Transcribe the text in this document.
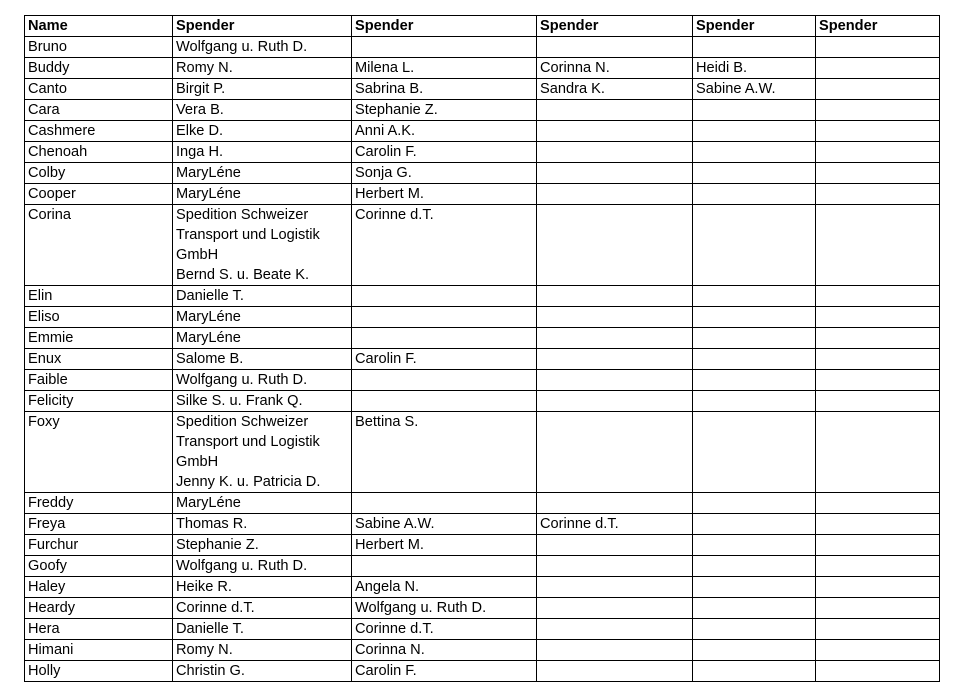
Name	Spender	Spender	Spender	Spender	Spender

Bruno	Wolfgang u. Ruth D.				

Buddy	Romy N.	Milena L.	Corinna N.	Heidi B.	

Canto	Birgit P.	Sabrina B.	Sandra K.	Sabine A.W.	

Cara	Vera B.	Stephanie Z.			

Cashmere	Elke D.	Anni A.K.			

Chenoah	Inga H.	Carolin F.			

Colby	MaryLéne	Sonja G.			

Cooper	MaryLéne	Herbert M.			

Corina	Spedition Schweizer
Transport und Logistik
GmbH
Bernd S. u. Beate K.	Corinne d.T.			

Elin	Danielle T.				

Eliso	MaryLéne				

Emmie	MaryLéne				

Enux	Salome B.	Carolin F.			

Faible	Wolfgang u. Ruth D.				

Felicity	Silke S. u. Frank Q.				

Foxy	Spedition Schweizer
Transport und Logistik
GmbH
Jenny K. u. Patricia D.	Bettina S.			

Freddy	MaryLéne				

Freya	Thomas R.	Sabine A.W.	Corinne d.T.		

Furchur	Stephanie Z.	Herbert M.			

Goofy	Wolfgang u. Ruth D.				

Haley	Heike R.	Angela N.			

Heardy	Corinne d.T.	Wolfgang u. Ruth D.			

Hera	Danielle T.	Corinne d.T.			

Himani	Romy N.	Corinna N.			

Holly	Christin G.	Carolin F.			
